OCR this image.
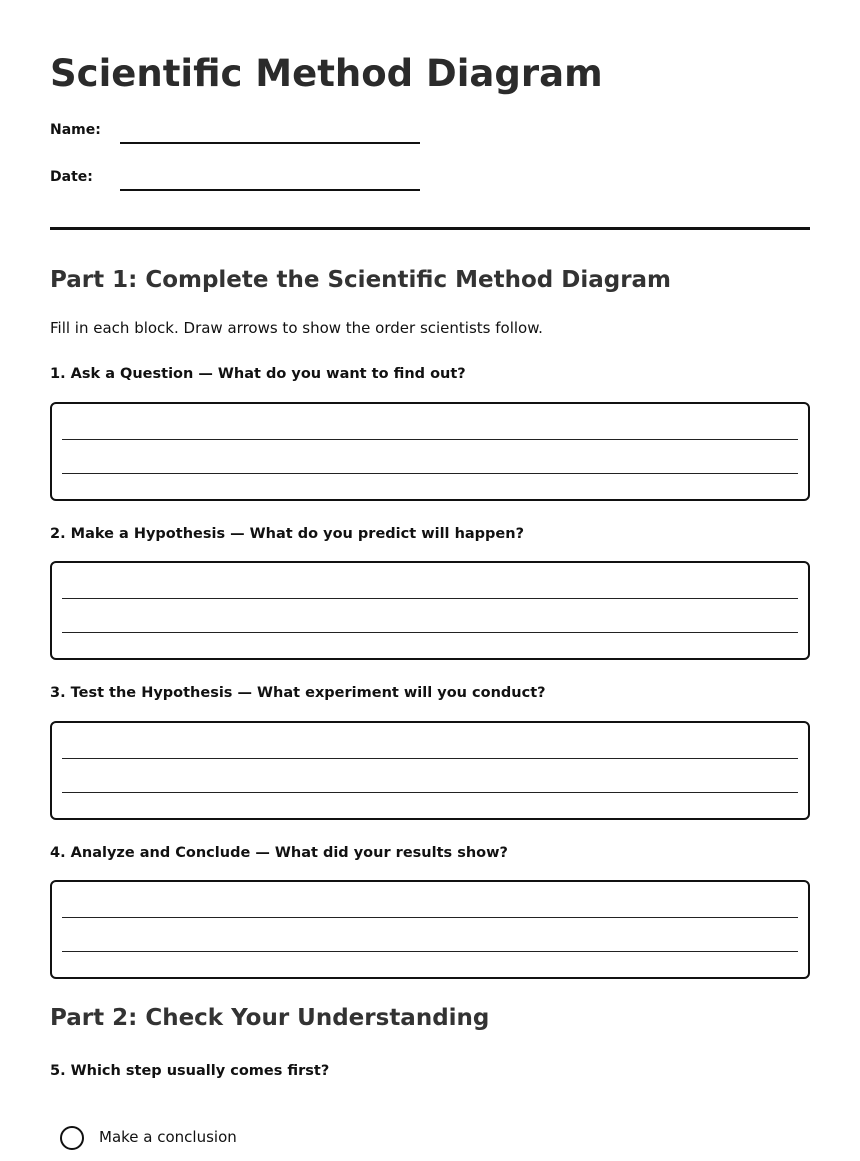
Scientific Method Diagram
Name:
Date:
Part 1: Complete the Scientific Method Diagram
Fill in each block. Draw arrows to show the order scientists follow.
1. Ask a Question — What do you want to find out?
2. Make a Hypothesis — What do you predict will happen?
3. Test the Hypothesis — What experiment will you conduct?
4. Analyze and Conclude — What did your results show?
Part 2: Check Your Understanding
5. Which step usually comes first?
Make a conclusion
